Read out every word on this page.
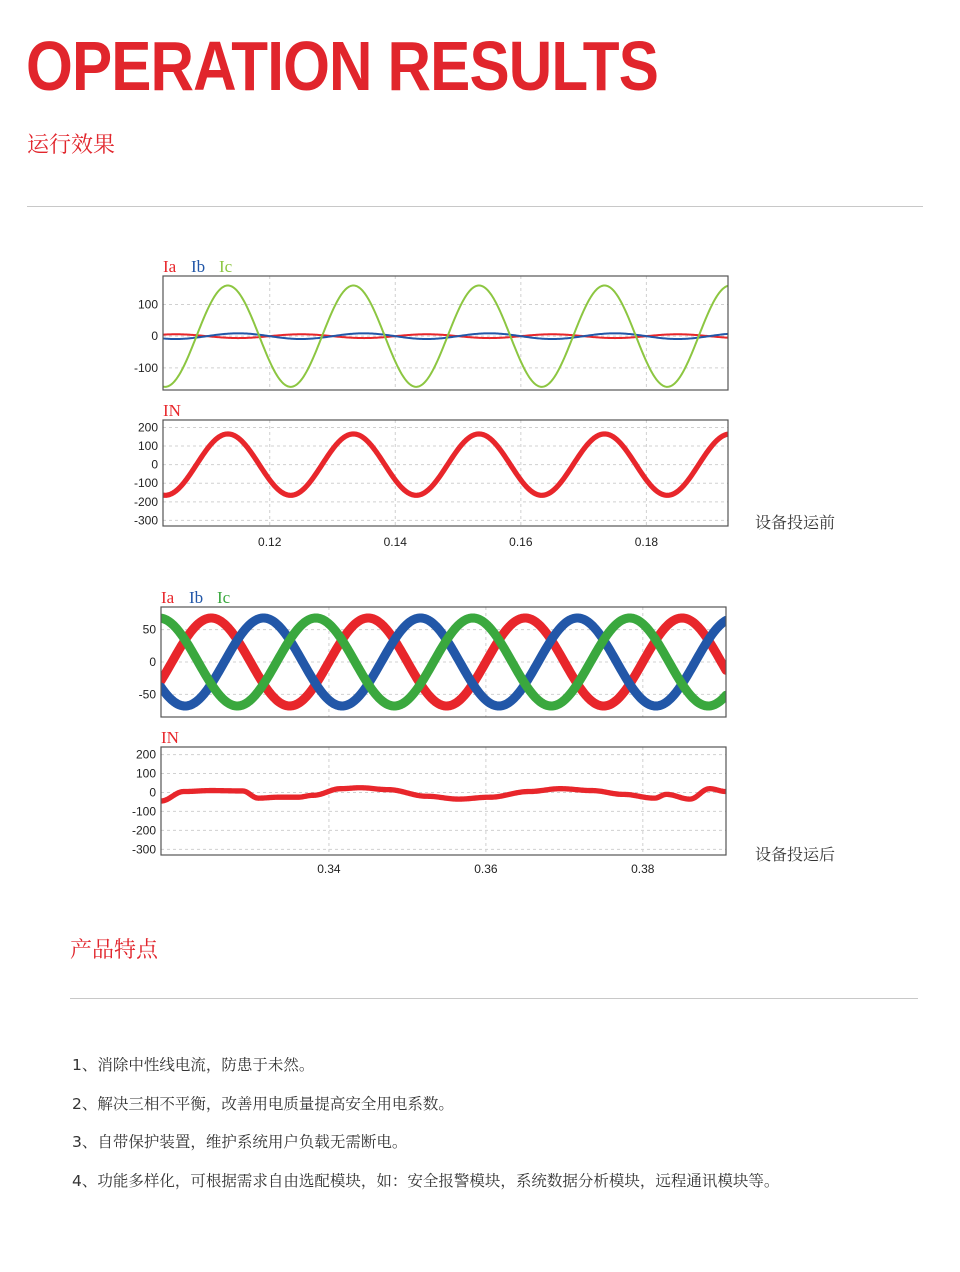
OPERATION RESULTS
运行效果
100
0
-100
Ia Ib Ic
200
100
0
-100
-200
-300
IN
0.12	0.14	0.16	0.18
设备投运前
50
0
-50
Ia Ib Ic
200
100
0
-100
-200
-300
IN
0.34	0.36	0.38
设备投运后
产品特点
1、消除中性线电流，防患于未然。
2、解决三相不平衡，改善用电质量提高安全用电系数。
3、自带保护装置，维护系统用户负载无需断电。
4、功能多样化，可根据需求自由选配模块，如：安全报警模块，系统数据分析模块，远程通讯模块等。
